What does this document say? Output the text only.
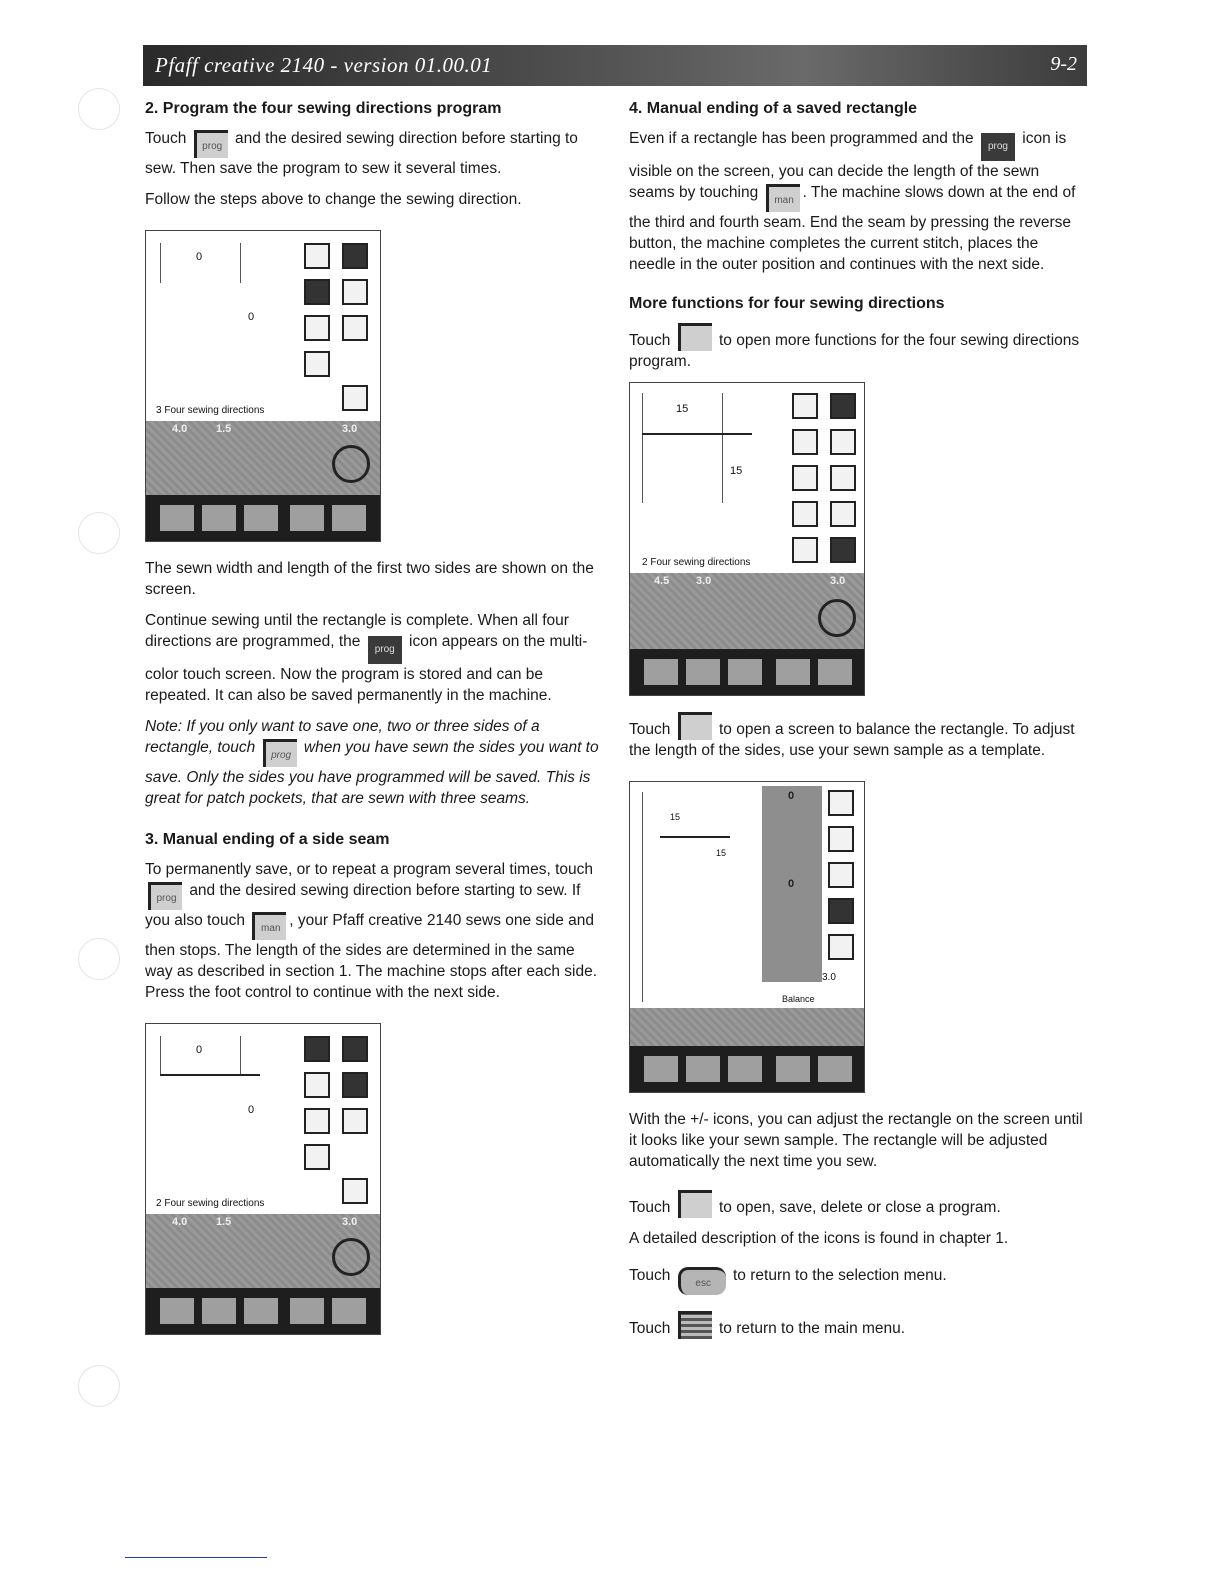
Pfaff creative 2140 - version 01.00.01	9-2
2. Program the four sewing directions program

Touch prog and the desired sewing direction before starting to sew. Then save the program to sew it several times.

Follow the steps above to change the sewing direction.

0
0
3 Four sewing directions
4.0	1.5	3.0

The sewn width and length of the first two sides are shown on the screen.

Continue sewing until the rectangle is complete. When all four directions are programmed, the prog icon appears on the multi-color touch screen. Now the program is stored and can be repeated. It can also be saved permanently in the machine.

Note: If you only want to save one, two or three sides of a rectangle, touch prog when you have sewn the sides you want to save. Only the sides you have programmed will be saved. This is great for patch pockets, that are sewn with three seams.

3. Manual ending of a side seam

To permanently save, or to repeat a program several times, touch prog and the desired sewing direction before starting to sew. If you also touch man , your Pfaff creative 2140 sews one side and then stops. The length of the sides are determined in the same way as described in section 1. The machine stops after each side. Press the foot control to continue with the next side.

0
0
2 Four sewing directions
4.0	1.5	3.0
4. Manual ending of a saved rectangle

Even if a rectangle has been programmed and the prog icon is visible on the screen, you can decide the length of the sewn seams by touching man . The machine slows down at the end of the third and fourth seam. End the seam by pressing the reverse button, the machine completes the current stitch, places the needle in the outer position and continues with the next side.

More functions for four sewing directions

Touch	to open more functions for the four sewing directions program.

15
15
2 Four sewing directions
4.5 3.0	3.0

Touch	to open a screen to balance the rectangle. To adjust the length of the sides, use your sewn sample as a template.

15
15
0
0
3.0
Balance

With the +/- icons, you can adjust the rectangle on the screen until it looks like your sewn sample. The rectangle will be adjusted automatically the next time you sew.

Touch	to open, save, delete or close a program.

A detailed description of the icons is found in chapter 1.

Touch	esc to return to the selection menu.

Touch	to return to the main menu.
